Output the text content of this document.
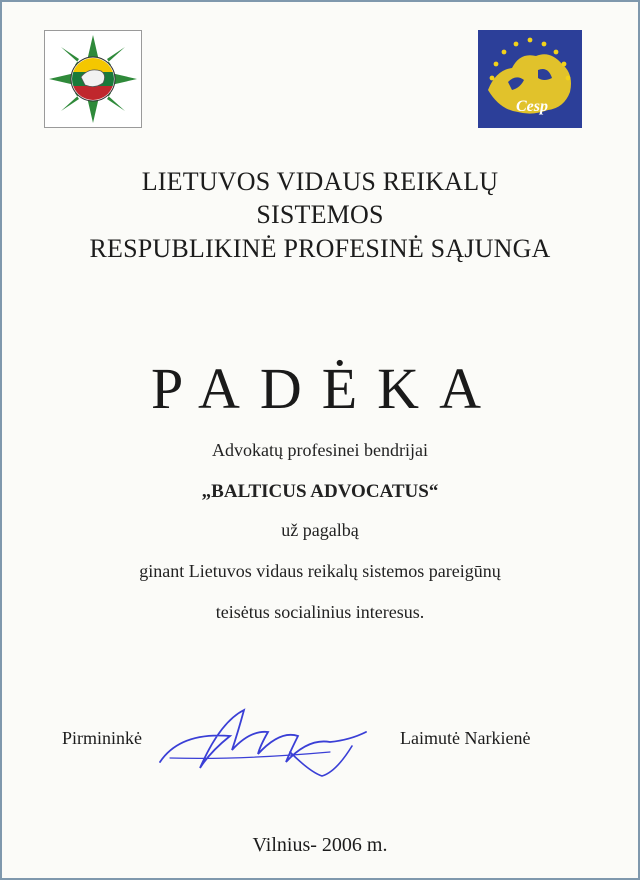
Cesp
LIETUVOS VIDAUS REIKALŲ
SISTEMOS
RESPUBLIKINĖ PROFESINĖ SĄJUNGA
PADĖKA
Advokatų profesinei bendrijai
„BALTICUS ADVOCATUS“
už pagalbą
ginant Lietuvos vidaus reikalų sistemos pareigūnų
teisėtus socialinius interesus.
Pirmininkė	Laimutė Narkienė
Vilnius- 2006 m.
